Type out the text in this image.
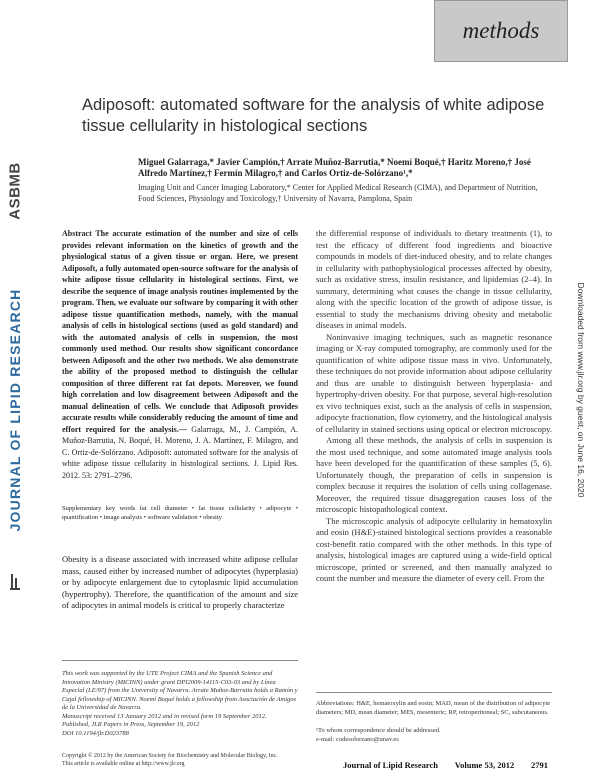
ASBMB
JOURNAL OF LIPID RESEARCH	Downloaded from www.jlr.org by guest, on June 16, 2020
methods
Adiposoft: automated software for the analysis of white adipose tissue cellularity in histological sections
Miguel Galarraga,* Javier Campión,† Arrate Muñoz-Barrutia,* Noemí Boqué,† Haritz Moreno,† José Alfredo Martínez,† Fermín Milagro,† and Carlos Ortiz-de-Solórzano¹,*
Imaging Unit and Cancer Imaging Laboratory,* Center for Applied Medical Research (CIMA), and Department of Nutrition, Food Sciences, Physiology and Toxicology,† University of Navarra, Pamplona, Spain
Abstract The accurate estimation of the number and size of cells provides relevant information on the kinetics of growth and the physiological status of a given tissue or organ. Here, we present Adiposoft, a fully automated open-source software for the analysis of white adipose tissue cellularity in histological sections. First, we describe the sequence of image analysis routines implemented by the program. Then, we evaluate our software by comparing it with other adipose tissue quantification methods, namely, with the manual analysis of cells in histological sections (used as gold standard) and with the automated analysis of cells in suspension, the most commonly used method. Our results show significant concordance between Adiposoft and the other two methods. We also demonstrate the ability of the proposed method to distinguish the cellular composition of three different rat fat depots. Moreover, we found high correlation and low disagreement between Adiposoft and the manual delineation of cells. We conclude that Adiposoft provides accurate results while considerably reducing the amount of time and effort required for the analysis.— Galarraga, M., J. Campión, A. Muñoz-Barrutia, N. Boqué, H. Moreno, J. A. Martínez, F. Milagro, and C. Ortiz-de-Solórzano. Adiposoft: automated software for the analysis of white adipose tissue cellularity in histological sections. J. Lipid Res. 2012. 53: 2791–2796.
Supplementary key words fat cell diameter • fat tissue cellularity • adipocyte • quantification • image analysis • software validation • obesity
Obesity is a disease associated with increased white adipose cellular mass, caused either by increased number of adipocytes (hyperplasia) or by adipocyte enlargement due to cytoplasmic lipid accumulation (hypertrophy). Therefore, the quantification of the amount and size of adipocytes in animal models is critical to properly characterize

This work was supported by the UTE Project CIMA and the Spanish Science and Innovation Ministry (MICINN) under grant DPI2009-14115-C03-03 and by Línea Especial (LE/97) from the University of Navarra. Arrate Muñoz-Barrutia holds a Ramón y Cajal fellowship of MICINN. Noemí Boqué holds a fellowship from Asociación de Amigos de la Universidad de Navarra.

Manuscript received 13 January 2012 and in revised form 19 September 2012.

Published, JLR Papers in Press, September 19, 2012

DOI 10.1194/jlr.D023788

Copyright © 2012 by the American Society for Biochemistry and Molecular Biology, Inc.

This article is available online at http://www.jlr.org

the differential response of individuals to dietary treatments (1), to test the efficacy of different food ingredients and bioactive compounds in models of diet-induced obesity, and to relate changes in cellularity with pathophysiological processes affected by obesity, such as oxidative stress, insulin resistance, and lipidemias (2–4). In summary, determining what causes the change in tissue cellularity, along with the specific location of the growth of adipose tissue, is essential to study the mechanisms driving obesity and metabolic diseases in animal models.

Noninvasive imaging techniques, such as magnetic resonance imaging or X-ray computed tomography, are commonly used for the quantification of white adipose tissue mass in vivo. Unfortunately, these techniques do not provide information about adipose cellularity and thus are unable to distinguish between hyperplasia- and hypertrophy-driven obesity. For that purpose, several high-resolution ex vivo techniques exist, such as the analysis of cells in suspension, adipocyte fractionation, flow cytometry, and the histological analysis of cellularity in stained sections using optical or electron microscopy.

Among all these methods, the analysis of cells in suspension is the most used technique, and some automated image analysis tools have been developed for the quantification of these samples (5, 6). Unfortunately though, the preparation of cells in suspension is complex because it requires the isolation of cells using collagenase. Moreover, the required tissue disaggregation causes loss of the microscopic histopathological context.

The microscopic analysis of adipocyte cellularity in hematoxylin and eosin (H&E)-stained histological sections provides a reasonable cost-benefit ratio compared with the other methods. In this type of analysis, histological images are captured using a wide-field optical microscope, printed or screened, and then manually analyzed to count the number and measure the diameter of every cell. From the

Abbreviations: H&E, hematoxylin and eosin; MAD, mean of the distribution of adipocyte diameters; MD, mean diameter; MES, mesenteric; RP, retroperitoneal; SC, subcutaneous.

¹To whom correspondence should be addressed.

e-mail: codesolorzano@unav.es

Journal of Lipid Research Volume 53, 2012 2791
